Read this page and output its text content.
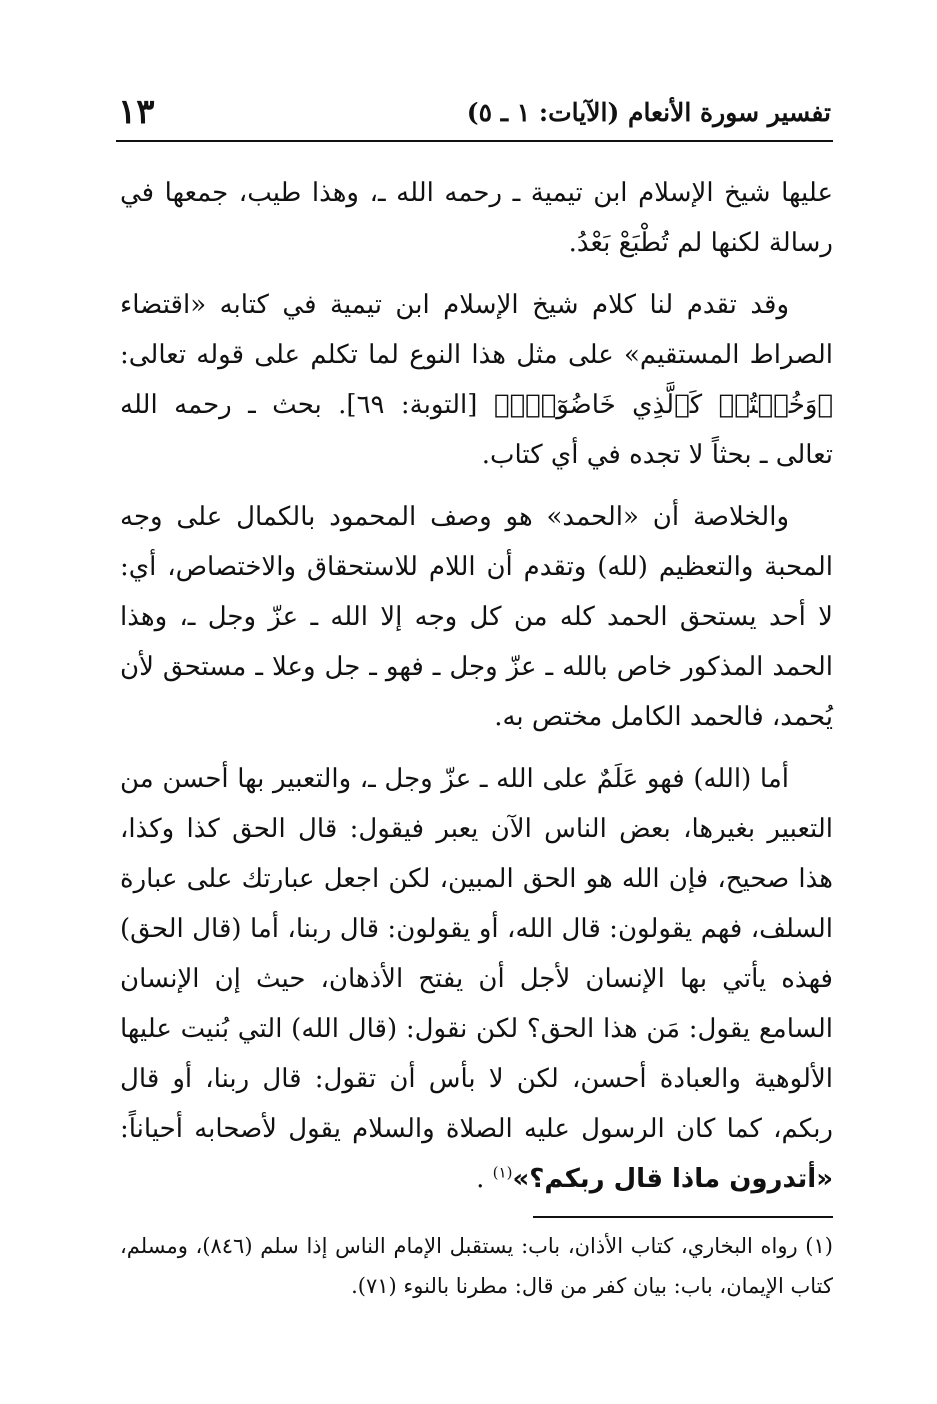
تفسير سورة الأنعام (الآيات: ١ ـ ٥)
١٣

عليها شيخ الإسلام ابن تيمية ـ رحمه الله ـ، وهذا طيب، جمعها في رسالة لكنها لم تُطْبَعْ بَعْدُ.

وقد تقدم لنا كلام شيخ الإسلام ابن تيمية في كتابه «اقتضاء الصراط المستقيم» على مثل هذا النوع لما تكلم على قوله تعالى: ﴿وَخُضۡتُمۡ كَٱلَّذِي خَاضُوٓاْۚ﴾ [التوبة: ٦٩]. بحث ـ رحمه الله تعالى ـ بحثاً لا تجده في أي كتاب.

والخلاصة أن «الحمد» هو وصف المحمود بالكمال على وجه المحبة والتعظيم (لله) وتقدم أن اللام للاستحقاق والاختصاص، أي: لا أحد يستحق الحمد كله من كل وجه إلا الله ـ عزّ وجل ـ، وهذا الحمد المذكور خاص بالله ـ عزّ وجل ـ فهو ـ جل وعلا ـ مستحق لأن يُحمد، فالحمد الكامل مختص به.

أما (الله) فهو عَلَمٌ على الله ـ عزّ وجل ـ، والتعبير بها أحسن من التعبير بغيرها، بعض الناس الآن يعبر فيقول: قال الحق كذا وكذا، هذا صحيح، فإن الله هو الحق المبين، لكن اجعل عبارتك على عبارة السلف، فهم يقولون: قال الله، أو يقولون: قال ربنا، أما (قال الحق) فهذه يأتي بها الإنسان لأجل أن يفتح الأذهان، حيث إن الإنسان السامع يقول: مَن هذا الحق؟ لكن نقول: (قال الله) التي بُنيت عليها الألوهية والعبادة أحسن، لكن لا بأس أن تقول: قال ربنا، أو قال ربكم، كما كان الرسول عليه الصلاة والسلام يقول لأصحابه أحياناً: «أتدرون ماذا قال ربكم؟»$^{(١)}$ .

(١) رواه البخاري، كتاب الأذان، باب: يستقبل الإمام الناس إذا سلم (٨٤٦)، ومسلم، كتاب الإيمان، باب: بيان كفر من قال: مطرنا بالنوء (٧١).
